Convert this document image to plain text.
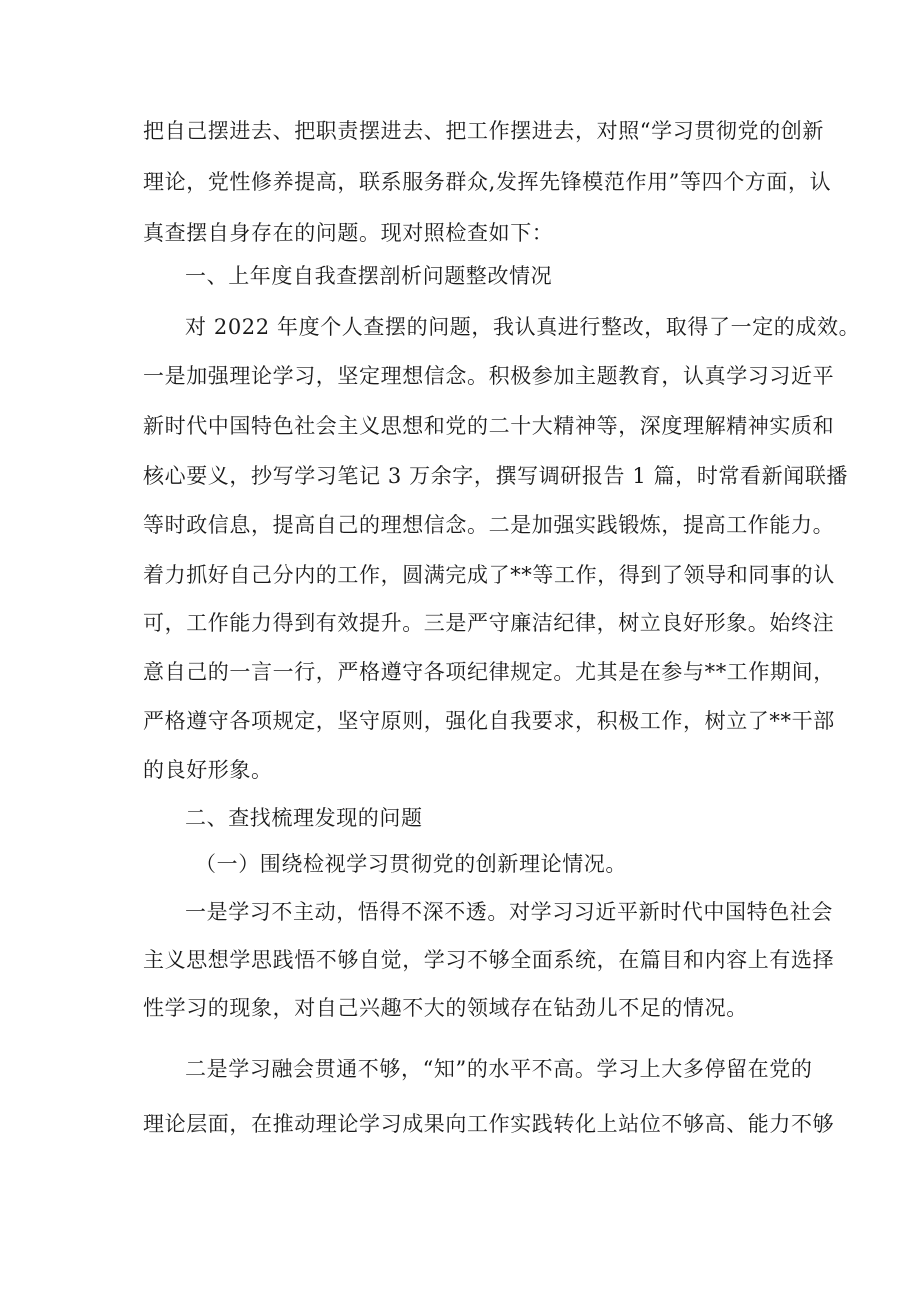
把自己摆进去、把职责摆进去、把工作摆进去，对照“学习贯彻党的创新
理论，党性修养提高，联系服务群众,发挥先锋模范作用”等四个方面，认
真查摆自身存在的问题。现对照检查如下：
一、上年度自我查摆剖析问题整改情况
对 2022 年度个人查摆的问题，我认真进行整改，取得了一定的成效。
一是加强理论学习，坚定理想信念。积极参加主题教育，认真学习习近平
新时代中国特色社会主义思想和党的二十大精神等，深度理解精神实质和
核心要义，抄写学习笔记 3 万余字，撰写调研报告 1 篇，时常看新闻联播
等时政信息，提高自己的理想信念。二是加强实践锻炼，提高工作能力。
着力抓好自己分内的工作，圆满完成了**等工作，得到了领导和同事的认
可，工作能力得到有效提升。三是严守廉洁纪律，树立良好形象。始终注
意自己的一言一行，严格遵守各项纪律规定。尤其是在参与**工作期间，
严格遵守各项规定，坚守原则，强化自我要求，积极工作，树立了**干部
的良好形象。
二、查找梳理发现的问题
（一）围绕检视学习贯彻党的创新理论情况。
一是学习不主动，悟得不深不透。对学习习近平新时代中国特色社会
主义思想学思践悟不够自觉，学习不够全面系统，在篇目和内容上有选择
性学习的现象，对自己兴趣不大的领域存在钻劲儿不足的情况。
二是学习融会贯通不够，“知”的水平不高。学习上大多停留在党的
理论层面，在推动理论学习成果向工作实践转化上站位不够高、能力不够
